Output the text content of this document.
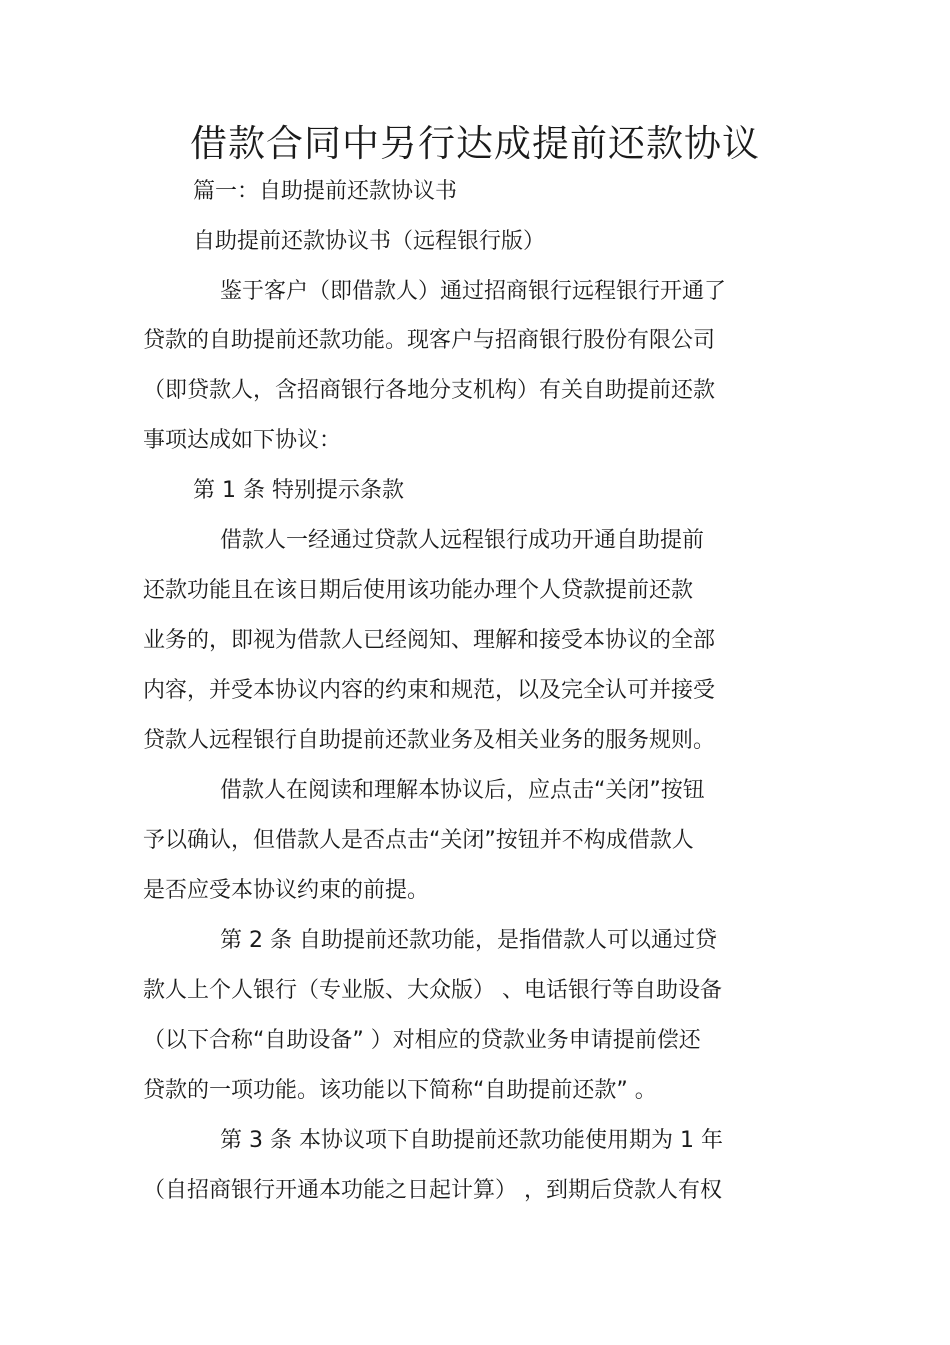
借款合同中另行达成提前还款协议

篇一：自助提前还款协议书

自助提前还款协议书（远程银行版）

鉴于客户（即借款人）通过招商银行远程银行开通了

贷款的自助提前还款功能。现客户与招商银行股份有限公司

（即贷款人，含招商银行各地分支机构）有关自助提前还款

事项达成如下协议：

第 1 条 特别提示条款

借款人一经通过贷款人远程银行成功开通自助提前

还款功能且在该日期后使用该功能办理个人贷款提前还款

业务的，即视为借款人已经阅知、理解和接受本协议的全部

内容，并受本协议内容的约束和规范，以及完全认可并接受

贷款人远程银行自助提前还款业务及相关业务的服务规则。

借款人在阅读和理解本协议后，应点击“关闭”按钮

予以确认，但借款人是否点击“关闭”按钮并不构成借款人

是否应受本协议约束的前提。

第 2 条 自助提前还款功能，是指借款人可以通过贷

款人上个人银行（专业版、大众版） 、电话银行等自助设备

（以下合称“自助设备” ）对相应的贷款业务申请提前偿还

贷款的一项功能。该功能以下简称“自助提前还款” 。

第 3 条 本协议项下自助提前还款功能使用期为 1 年

（自招商银行开通本功能之日起计算） ，到期后贷款人有权
